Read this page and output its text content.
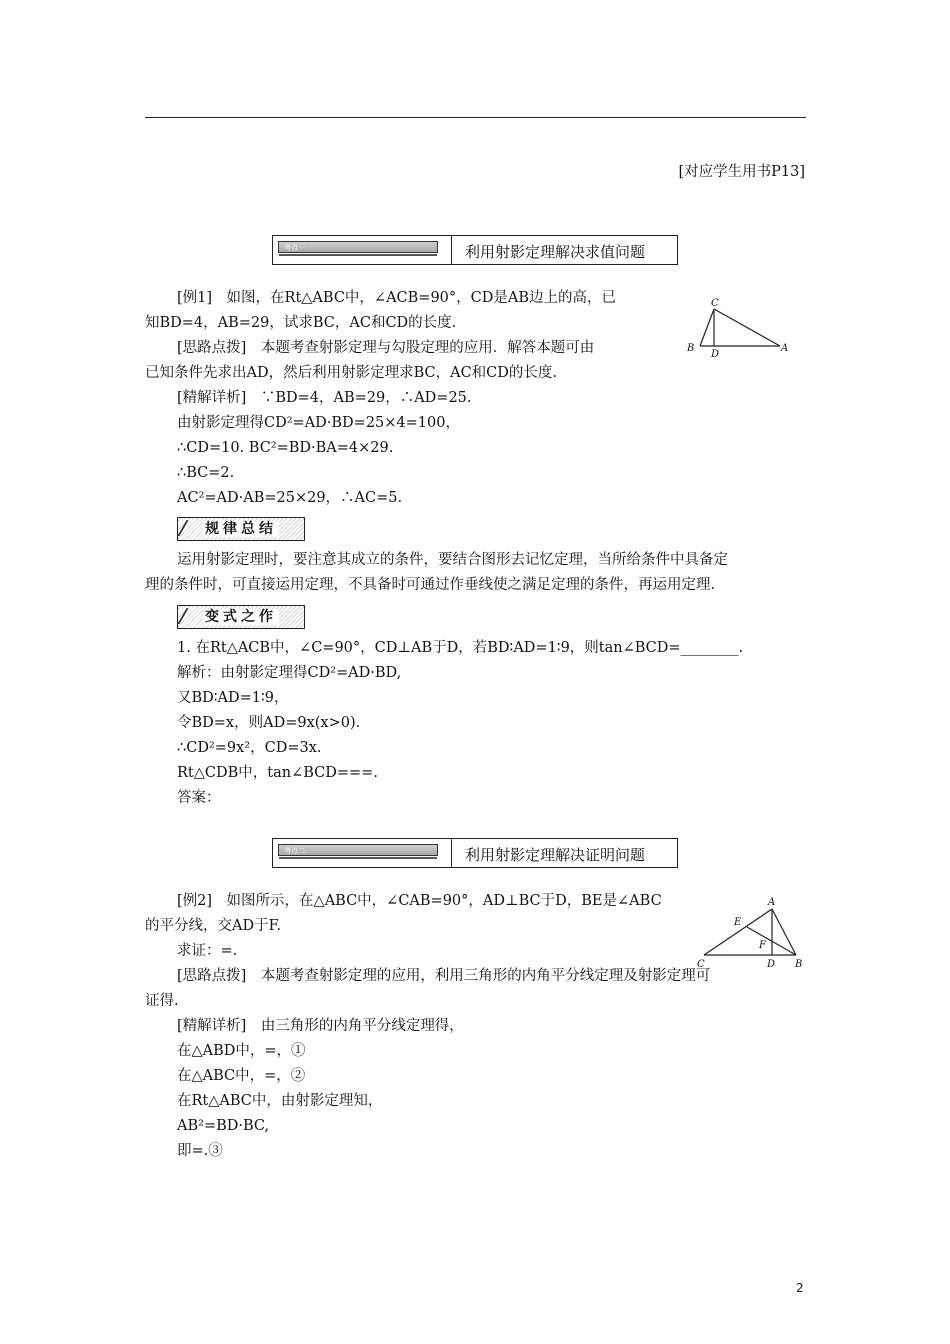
[对应学生用书P13]
考点一	利用射影定理解决求值问题
[例1]　如图，在Rt△ABC中，∠ACB=90°，CD是AB边上的高，已
知BD=4，AB=29，试求BC，AC和CD的长度.
[思路点拨]　本题考查射影定理与勾股定理的应用．解答本题可由
已知条件先求出AD，然后利用射影定理求BC，AC和CD的长度.
[精解详析]　∵BD=4，AB=29，∴AD=25.
由射影定理得CD²=AD·BD=25×4=100，
∴CD=10. BC²=BD·BA=4×29.
∴BC=2.
AC²=AD·AB=25×29，∴AC=5.
C
B
D
A
规律总结
运用射影定理时，要注意其成立的条件，要结合图形去记忆定理，当所给条件中具备定
理的条件时，可直接运用定理，不具备时可通过作垂线使之满足定理的条件，再运用定理.
变式之作
1. 在Rt△ACB中，∠C=90°，CD⊥AB于D，若BD∶AD=1∶9，则tan∠BCD=________.
解析：由射影定理得CD²=AD·BD,
又BD∶AD=1∶9，
令BD=x，则AD=9x(x>0).
∴CD²=9x²，CD=3x.
Rt△CDB中，tan∠BCD===.
答案：
考点二	利用射影定理解决证明问题
[例2]　如图所示，在△ABC中，∠CAB=90°，AD⊥BC于D，BE是∠ABC
的平分线，交AD于F.
求证：=.
[思路点拨]　本题考查射影定理的应用，利用三角形的内角平分线定理及射影定理可
证得.
[精解详析]　由三角形的内角平分线定理得，
在△ABD中，=，①
在△ABC中，=，②
在Rt△ABC中，由射影定理知，
AB²=BD·BC,
即=.③
A
E
F
C	D B
2
